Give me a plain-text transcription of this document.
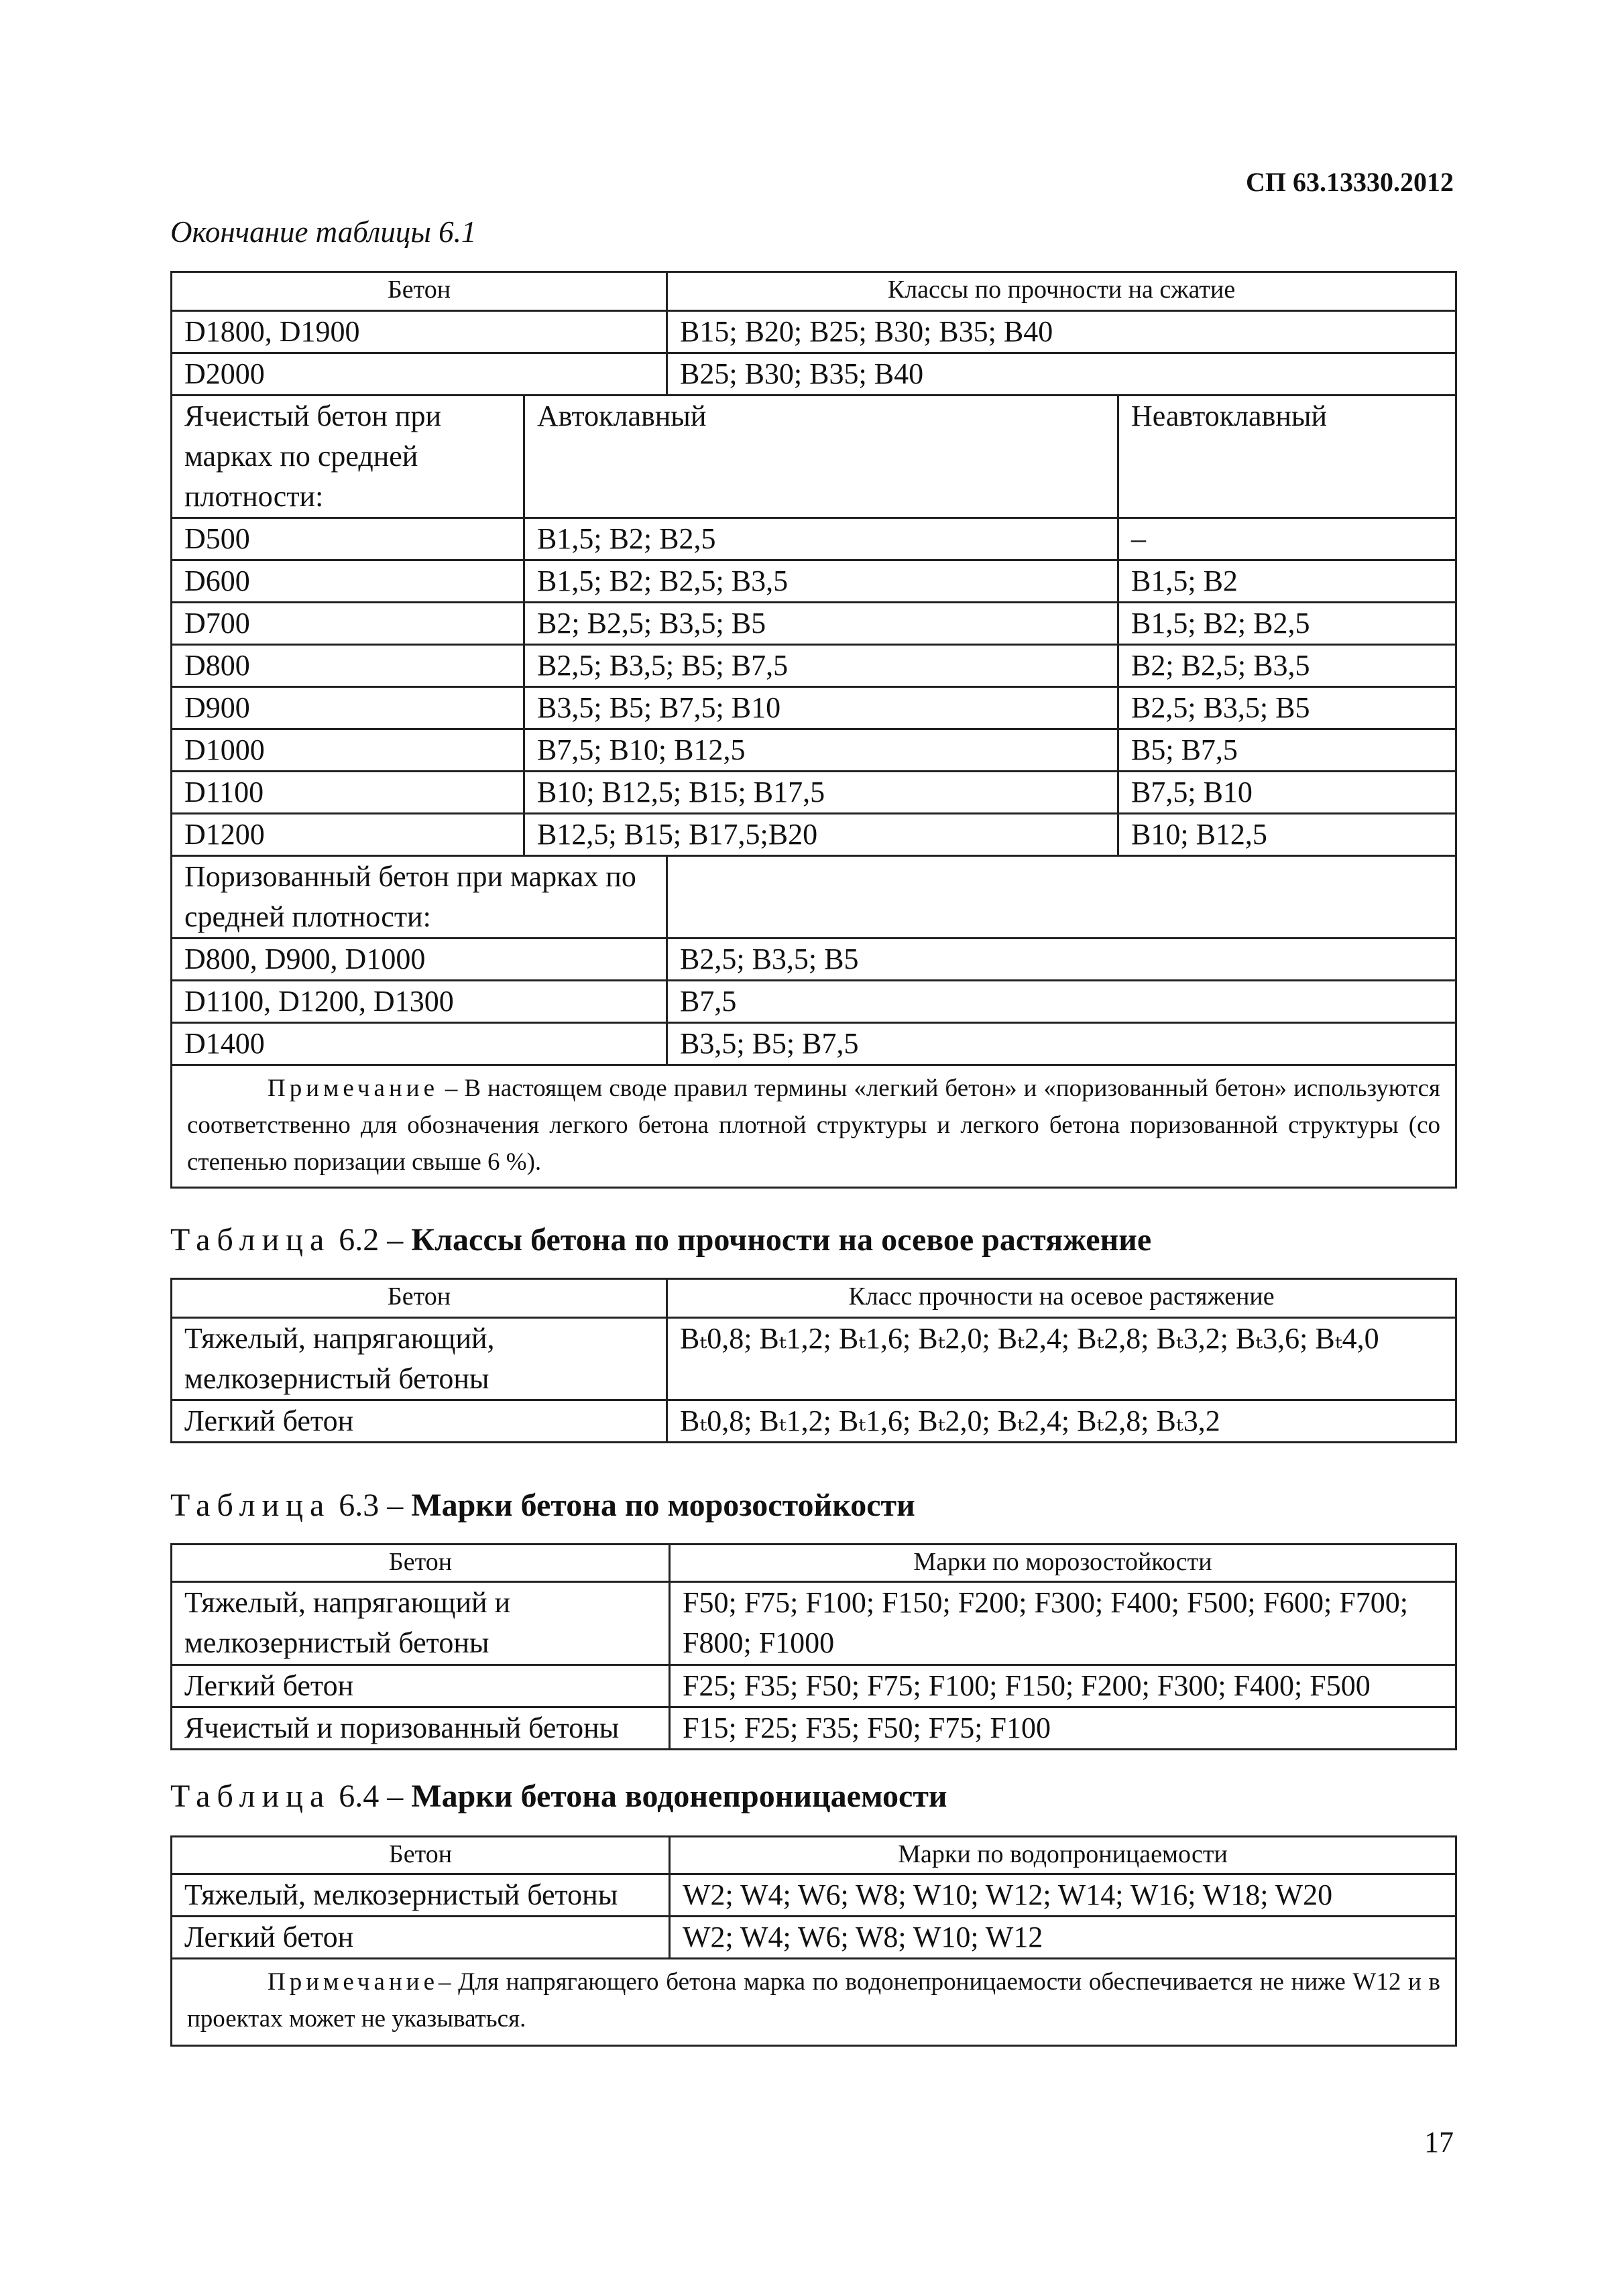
СП 63.13330.2012
Окончание таблицы 6.1
Бетон		Классы по прочности на сжатие	
D1800, D1900		B15; B20; B25; B30; B35; B40	
D2000		B25; B30; B35; B40	
Ячеистый бетон при марках по средней плотности:	Автоклавный		Неавтоклавный
D500	B1,5; B2; B2,5		–
D600	B1,5; B2; B2,5; B3,5		B1,5; B2
D700	B2; B2,5; B3,5; B5		B1,5; B2; B2,5
D800	B2,5; B3,5; B5; B7,5		B2; B2,5; B3,5
D900	B3,5; B5; B7,5; B10		B2,5; B3,5; B5
D1000	B7,5; B10; B12,5		B5; B7,5
D1100	B10; B12,5; B15; B17,5		B7,5; B10
D1200	B12,5; B15; B17,5;B20		B10; B12,5
Поризованный бетон при марках по средней плотности:			
D800, D900, D1000		B2,5; B3,5; B5	
D1100, D1200, D1300		B7,5	
D1400		B3,5; B5; B7,5	

Примечание – В настоящем своде правил термины «легкий бетон» и «поризованный бетон» используются соответственно для обозначения легкого бетона плотной структуры и легкого бетона поризованной структуры (со степенью поризации свыше 6 %).			
Таблица 6.2 – Классы бетона по прочности на осевое растяжение
Бетон	Класс прочности на осевое растяжение
Тяжелый, напрягающий, мелкозернистый бетоны	Bₜ0,8; Bₜ1,2; Bₜ1,6; Bₜ2,0; Bₜ2,4; Bₜ2,8; Bₜ3,2; Bₜ3,6; Bₜ4,0
Легкий бетон	Bₜ0,8; Bₜ1,2; Bₜ1,6; Bₜ2,0; Bₜ2,4; Bₜ2,8; Bₜ3,2
Таблица 6.3 – Марки бетона по морозостойкости
Бетон	Марки по морозостойкости
Тяжелый, напрягающий и мелкозернистый бетоны	F50; F75; F100; F150; F200; F300; F400; F500; F600; F700; F800; F1000
Легкий бетон	F25; F35; F50; F75; F100; F150; F200; F300; F400; F500
Ячеистый и поризованный бетоны	F15; F25; F35; F50; F75; F100
Таблица 6.4 – Марки бетона водонепроницаемости
Бетон	Марки по водопроницаемости
Тяжелый, мелкозернистый бетоны	W2; W4; W6; W8; W10; W12; W14; W16; W18; W20
Легкий бетон	W2; W4; W6; W8; W10; W12

Примечание– Для напрягающего бетона марка по водонепроницаемости обеспечивается не ниже W12 и в проектах может не указываться.	
17
